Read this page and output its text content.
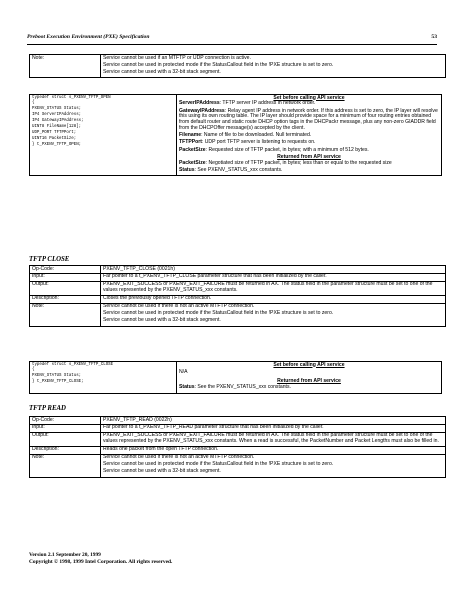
Preboot Execution Environment (PXE) Specification	53
Note:	Service cannot be used if an MTFTP or UDP connection is active.
Service cannot be used in protected mode if the StatusCallout field in the !PXE structure is set to zero.
Service cannot be used with a 32-bit stack segment.
typedef struct s_PXENV_TFTP_OPEN
{
PXENV_STATUS Status;
IP4 ServerIPAddress;
IP4 GatewayIPAddress;
UINT8 FileName[128];
UDP_PORT TFTPPort;
UINT16 PacketSize;
} t_PXENV_TFTP_OPEN;

Set before calling API service
ServerIPAddress: TFTP server IP address in network order.
GatewayIPAddress: Relay agent IP address in network order. If this address is set to zero, the IP layer will resolve this using its own routing table. The IP layer should provide space for a minimum of four routing entries obtained from default router and static route DHCP option tags in the DHCPackr message, plus any non-zero GIADDR field from the DHCPOffer message(s) accepted by the client.
Filename: Name of file to be downloaded. Null terminated.
TFTPPort: UDP port TFTP server is listening to requests on.
PacketSize: Requested size of TFTP packet, in bytes; with a minimum of 512 bytes.
Returned from API service
PacketSize: Negotiated size of TFTP packet, in bytes; less than or equal to the requested size
Status: See PXENV_STATUS_xxx constants.
TFTP CLOSE
Op-Code:	PXENV_TFTP_CLOSE (0021h)
Input:	Far pointer to a t_PXENV_TFTP_CLOSE parameter structure that has been initialized by the caller.
Output:	PXENV_EXIT_SUCCESS or PXENV_EXIT_FAILURE must be returned in AX. The status field in the parameter structure must be set to one of the values represented by the PXENV_STATUS_xxx constants.
Description:	Closes the previously opened TFTP connection.
Note:	Service cannot be used if there is not an active MTFTP connection.
Service cannot be used in protected mode if the StatusCallout field in the !PXE structure is set to zero.
Service cannot be used with a 32-bit stack segment.
typedef struct s_PXENV_TFTP_CLOSE
{
PXENV_STATUS Status;
} t_PXENV_TFTP_CLOSE;

Set before calling API service
N/A
Returned from API service
Status: See the PXENV_STATUS_xxx constants.
TFTP READ
Op-Code:	PXENV_TFTP_READ (0022h)
Input:	Far pointer to a t_PXENV_TFTP_READ parameter structure that has been initialized by the caller.
Output:	PXENV_EXIT_SUCCESS or PXENV_EXIT_FAILURE must be returned in AX. The status field in the parameter structure must be set to one of the values represented by the PXENV_STATUS_xxx constants. When a read is successful, the PacketNumber and Packet Lengths must also be filled in.
Description:	Reads one packet from the open TFTP connection.
Note:	Service cannot be used if there is not an active MTFTP connection.
Service cannot be used in protected mode if the StatusCallout field in the !PXE structure is set to zero.
Service cannot be used with a 32-bit stack segment.
Version 2.1 September 20, 1999
Copyright © 1998, 1999 Intel Corporation. All rights reserved.
